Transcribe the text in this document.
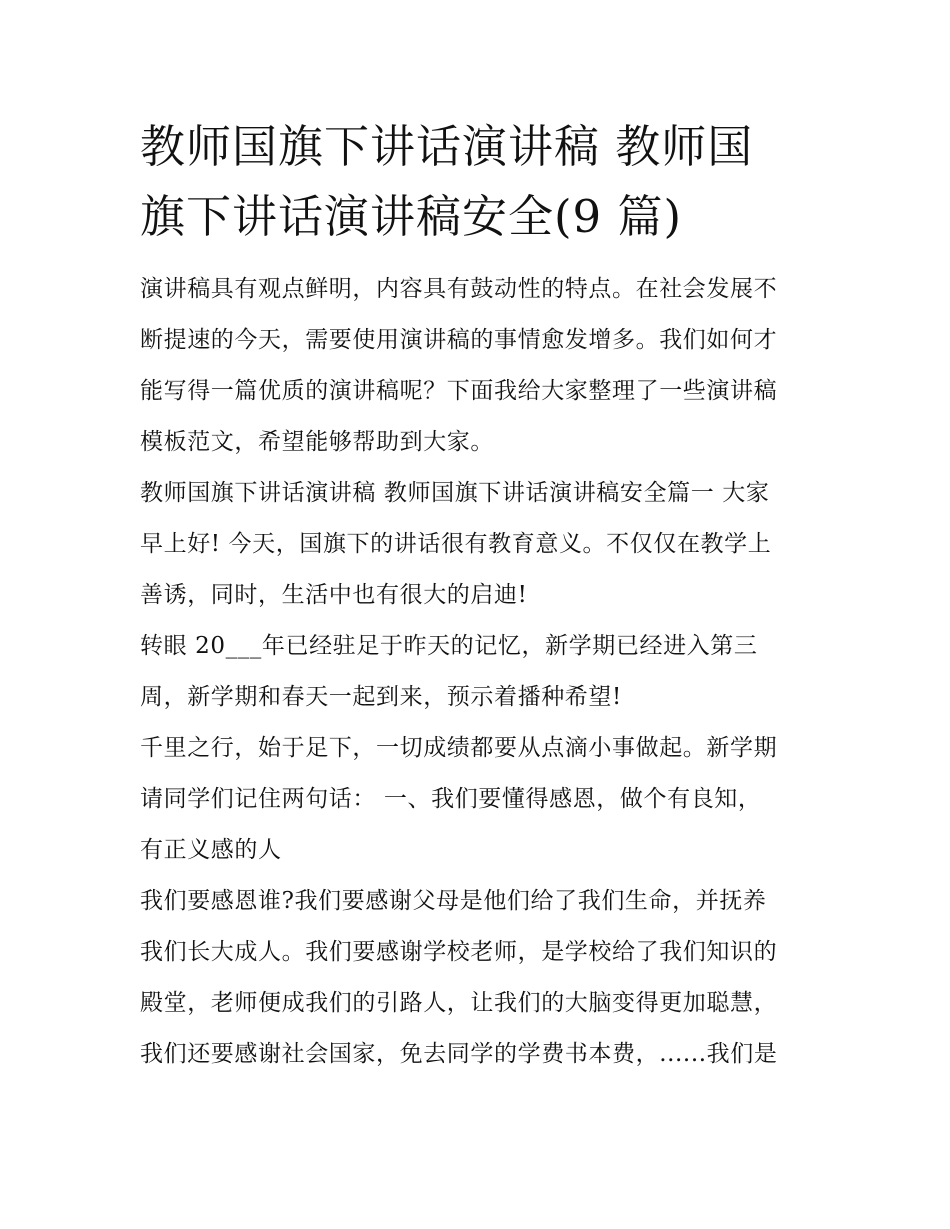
教师国旗下讲话演讲稿 教师国
旗下讲话演讲稿安全(9 篇)

演讲稿具有观点鲜明，内容具有鼓动性的特点。在社会发展不
断提速的今天，需要使用演讲稿的事情愈发增多。我们如何才
能写得一篇优质的演讲稿呢？下面我给大家整理了一些演讲稿
模板范文，希望能够帮助到大家。

教师国旗下讲话演讲稿 教师国旗下讲话演讲稿安全篇一 大家
早上好! 今天，国旗下的讲话很有教育意义。不仅仅在教学上
善诱，同时，生活中也有很大的启迪!

转眼 20___年已经驻足于昨天的记忆，新学期已经进入第三
周，新学期和春天一起到来，预示着播种希望!

千里之行，始于足下，一切成绩都要从点滴小事做起。新学期
请同学们记住两句话： 一、我们要懂得感恩，做个有良知，
有正义感的人

我们要感恩谁?我们要感谢父母是他们给了我们生命，并抚养
我们长大成人。我们要感谢学校老师，是学校给了我们知识的
殿堂，老师便成我们的引路人，让我们的大脑变得更加聪慧，
我们还要感谢社会国家，免去同学的学费书本费，......我们是
